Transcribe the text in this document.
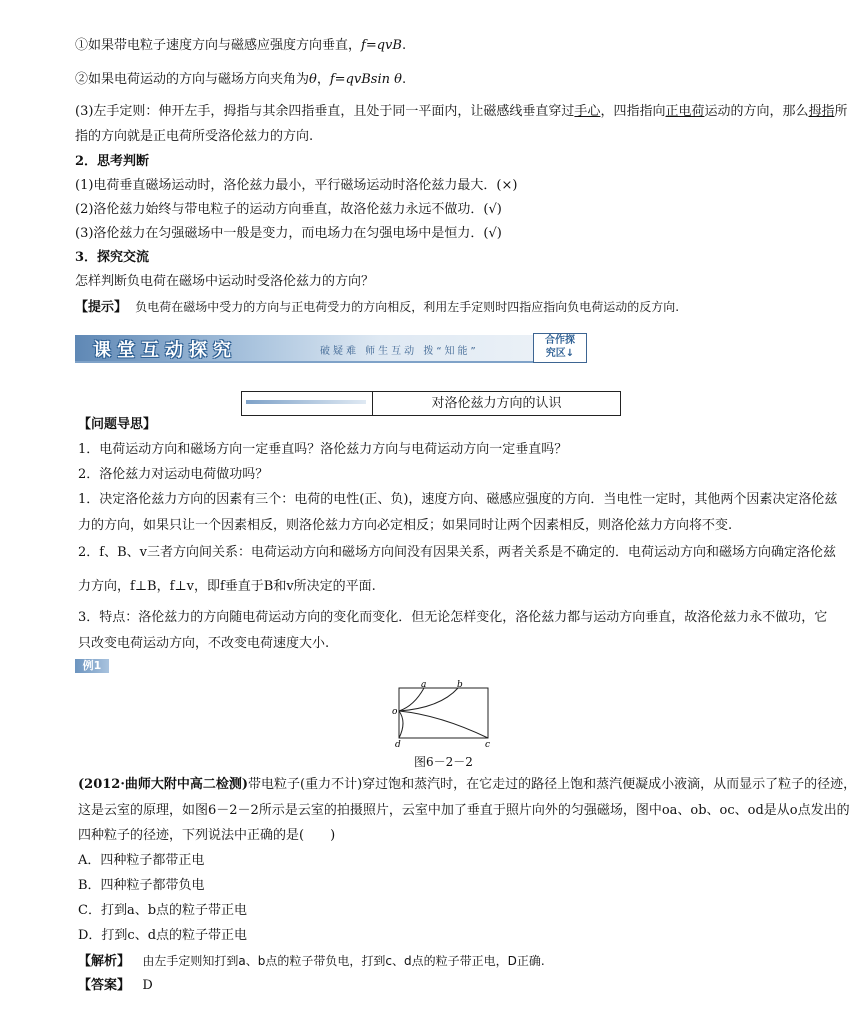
①如果带电粒子速度方向与磁感应强度方向垂直，f=qvB.
②如果电荷运动的方向与磁场方向夹角为θ，f=qvBsin θ.
(3)左手定则：伸开左手，拇指与其余四指垂直，且处于同一平面内，让磁感线垂直穿过手心，四指指向正电荷运动的方向，那么拇指所
指的方向就是正电荷所受洛伦兹力的方向.
2．思考判断
(1)电荷垂直磁场运动时，洛伦兹力最小，平行磁场运动时洛伦兹力最大．(×)
(2)洛伦兹力始终与带电粒子的运动方向垂直，故洛伦兹力永远不做功．(√)
(3)洛伦兹力在匀强磁场中一般是变力，而电场力在匀强电场中是恒力．(√)
3．探究交流
怎样判断负电荷在磁场中运动时受洛伦兹力的方向？
【提示】 负电荷在磁场中受力的方向与正电荷受力的方向相反，利用左手定则时四指应指向负电荷运动的反方向.
课堂互动探究	破疑难 师生互动 拨“知能”
合作探
究区↓
对洛伦兹力方向的认识
【问题导思】
1．电荷运动方向和磁场方向一定垂直吗？洛伦兹力方向与电荷运动方向一定垂直吗？
2．洛伦兹力对运动电荷做功吗？
1．决定洛伦兹力方向的因素有三个：电荷的电性(正、负)，速度方向、磁感应强度的方向．当电性一定时，其他两个因素决定洛伦兹
力的方向，如果只让一个因素相反，则洛伦兹力方向必定相反；如果同时让两个因素相反，则洛伦兹力方向将不变.
2．f、B、v三者方向间关系：电荷运动方向和磁场方向间没有因果关系，两者关系是不确定的．电荷运动方向和磁场方向确定洛伦兹
力方向，f⊥B，f⊥v，即f垂直于B和v所决定的平面.
3．特点：洛伦兹力的方向随电荷运动方向的变化而变化．但无论怎样变化，洛伦兹力都与运动方向垂直，故洛伦兹力永不做功，它
只改变电荷运动方向，不改变电荷速度大小.
例1
a	b
o
d	c
图6－2－2
(2012·曲师大附中高二检测)带电粒子(重力不计)穿过饱和蒸汽时，在它走过的路径上饱和蒸汽便凝成小液滴，从而显示了粒子的径迹，
这是云室的原理，如图6－2－2所示是云室的拍摄照片，云室中加了垂直于照片向外的匀强磁场，图中oa、ob、oc、od是从o点发出的
四种粒子的径迹，下列说法中正确的是(　　)
A．四种粒子都带正电
B．四种粒子都带负电
C．打到a、b点的粒子带正电
D．打到c、d点的粒子带正电
【解析】 由左手定则知打到a、b点的粒子带负电，打到c、d点的粒子带正电，D正确.
【答案】 D
